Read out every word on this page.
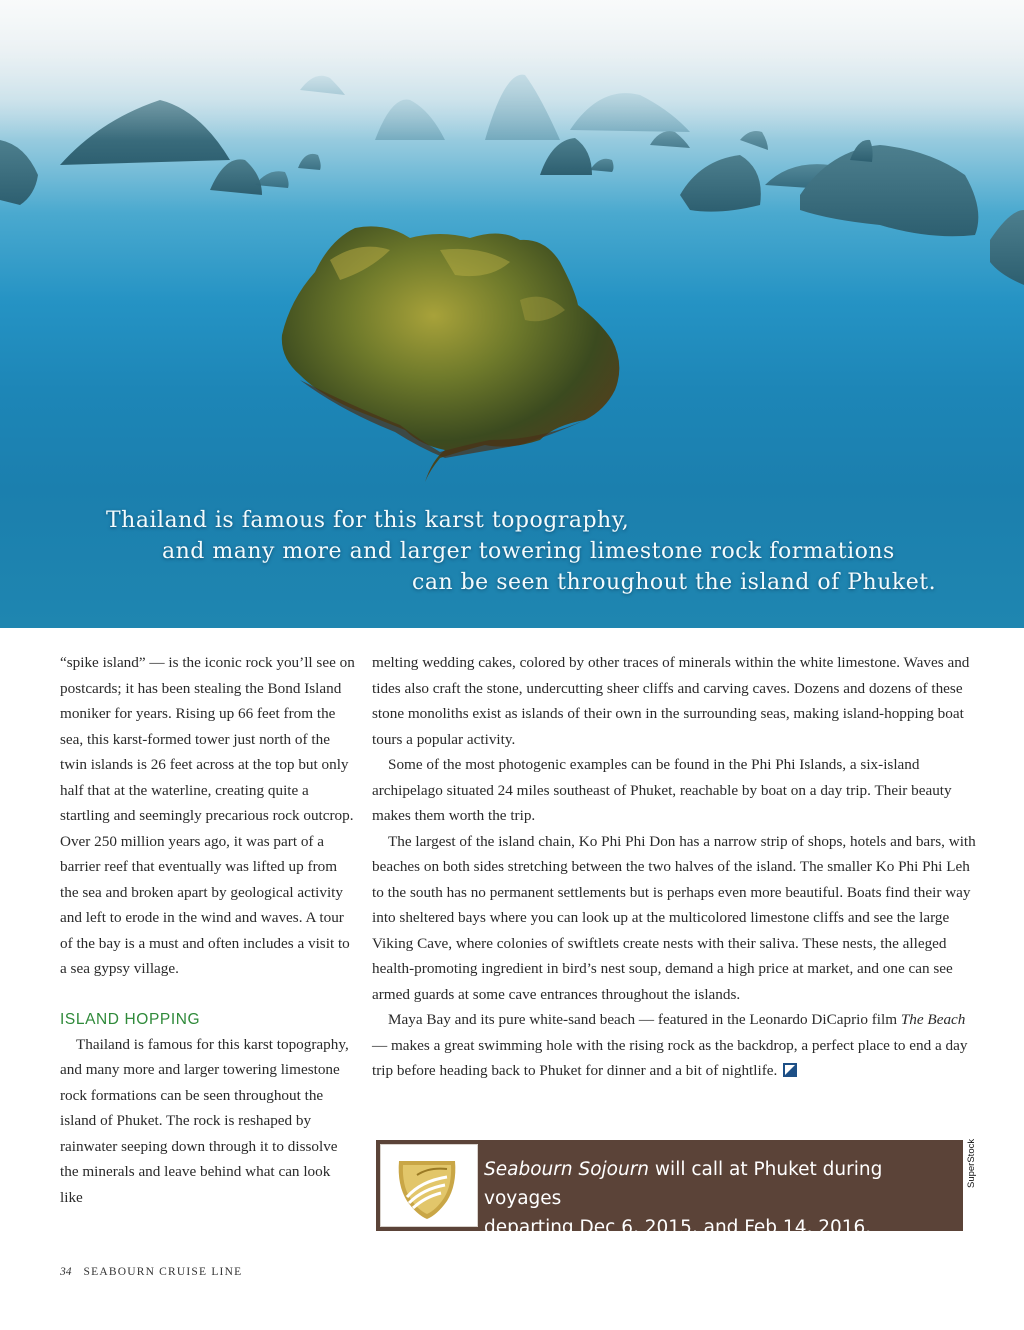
Thailand is famous for this karst topography,
and many more and larger towering limestone rock formations
can be seen throughout the island of Phuket.

“spike island” — is the iconic rock you’ll see on postcards; it has been stealing the Bond Island moniker for years. Rising up 66 feet from the sea, this karst-formed tower just north of the twin islands is 26 feet across at the top but only half that at the waterline, creating quite a startling and seemingly precarious rock outcrop. Over 250 million years ago, it was part of a barrier reef that eventually was lifted up from the sea and broken apart by geological activity and left to erode in the wind and waves. A tour of the bay is a must and often includes a visit to a sea gypsy village.

ISLAND HOPPING

Thailand is famous for this karst topography, and many more and larger towering limestone rock formations can be seen throughout the island of Phuket. The rock is reshaped by rainwater seeping down through it to dissolve the minerals and leave behind what can look like

melting wedding cakes, colored by other traces of minerals within the white limestone. Waves and tides also craft the stone, undercutting sheer cliffs and carving caves. Dozens and dozens of these stone monoliths exist as islands of their own in the surrounding seas, making island-hopping boat tours a popular activity.

Some of the most photogenic examples can be found in the Phi Phi Islands, a six-island archipelago situated 24 miles southeast of Phuket, reachable by boat on a day trip. Their beauty makes them worth the trip.

The largest of the island chain, Ko Phi Phi Don has a narrow strip of shops, hotels and bars, with beaches on both sides stretching between the two halves of the island. The smaller Ko Phi Phi Leh to the south has no permanent settlements but is perhaps even more beautiful. Boats find their way into sheltered bays where you can look up at the multicolored limestone cliffs and see the large Viking Cave, where colonies of swiftlets create nests with their saliva. These nests, the alleged health-promoting ingredient in bird’s nest soup, demand a high price at market, and one can see armed guards at some cave entrances throughout the islands.

Maya Bay and its pure white-sand beach — featured in the Leonardo DiCaprio film The Beach — makes a great swimming hole with the rising rock as the backdrop, a perfect place to end a day trip before heading back to Phuket for dinner and a bit of nightlife.

Seabourn Sojourn will call at Phuket during voyages
departing Dec 6, 2015, and Feb 14, 2016.
SuperStock
34 SEABOURN CRUISE LINE
